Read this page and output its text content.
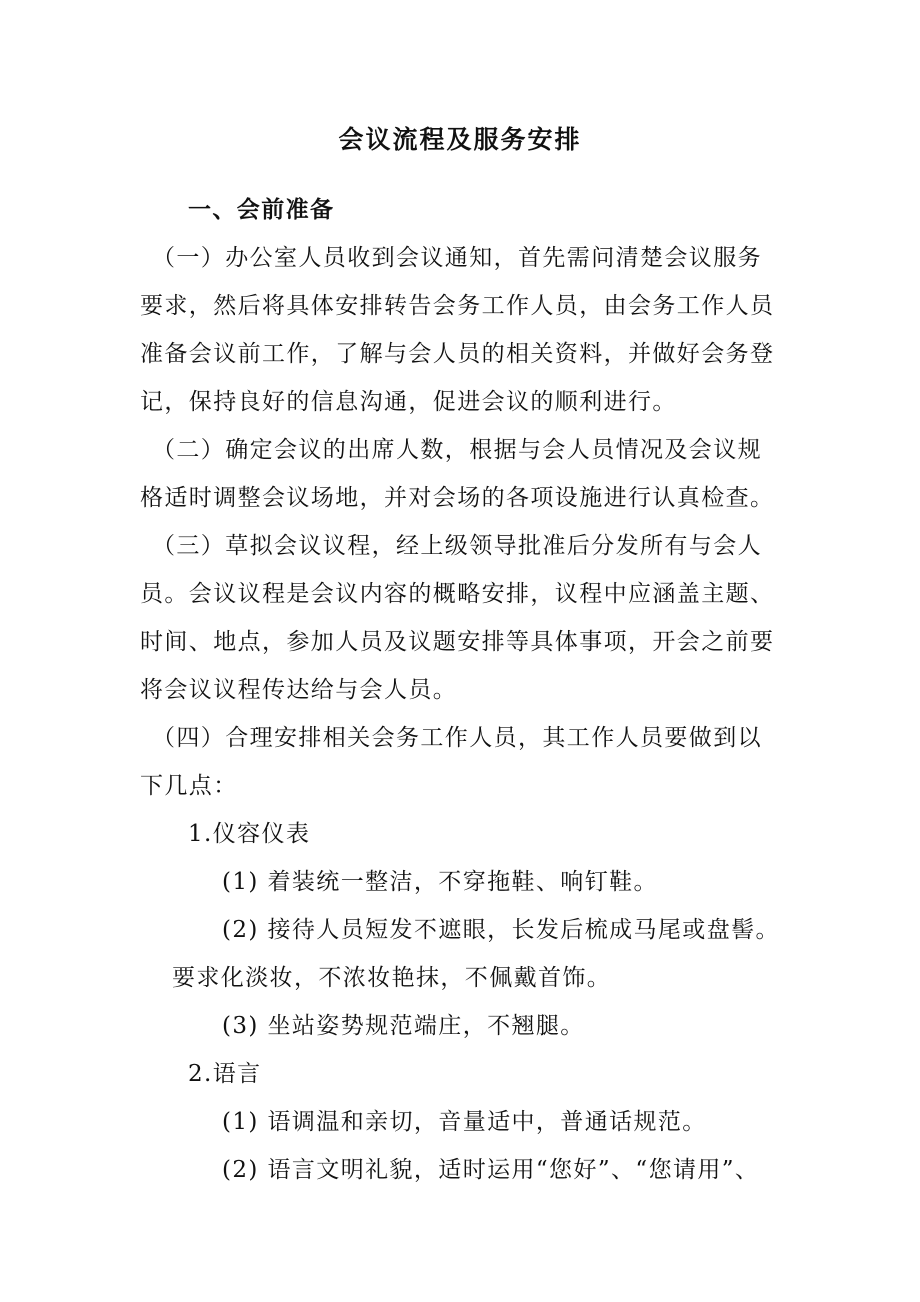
会议流程及服务安排
一、会前准备
（一）办公室人员收到会议通知，首先需问清楚会议服务
要求，然后将具体安排转告会务工作人员，由会务工作人员
准备会议前工作，了解与会人员的相关资料，并做好会务登
记，保持良好的信息沟通，促进会议的顺利进行。
（二）确定会议的出席人数，根据与会人员情况及会议规
格适时调整会议场地，并对会场的各项设施进行认真检查。
（三）草拟会议议程，经上级领导批准后分发所有与会人
员。会议议程是会议内容的概略安排，议程中应涵盖主题、
时间、地点，参加人员及议题安排等具体事项，开会之前要
将会议议程传达给与会人员。
（四）合理安排相关会务工作人员，其工作人员要做到以
下几点：
1.仪容仪表
(1) 着装统一整洁，不穿拖鞋、响钉鞋。
(2) 接待人员短发不遮眼，长发后梳成马尾或盘髻。
要求化淡妆，不浓妆艳抹，不佩戴首饰。
(3) 坐站姿势规范端庄，不翘腿。
2.语言
(1) 语调温和亲切，音量适中，普通话规范。
(2) 语言文明礼貌，适时运用“您好”、“您请用”、
